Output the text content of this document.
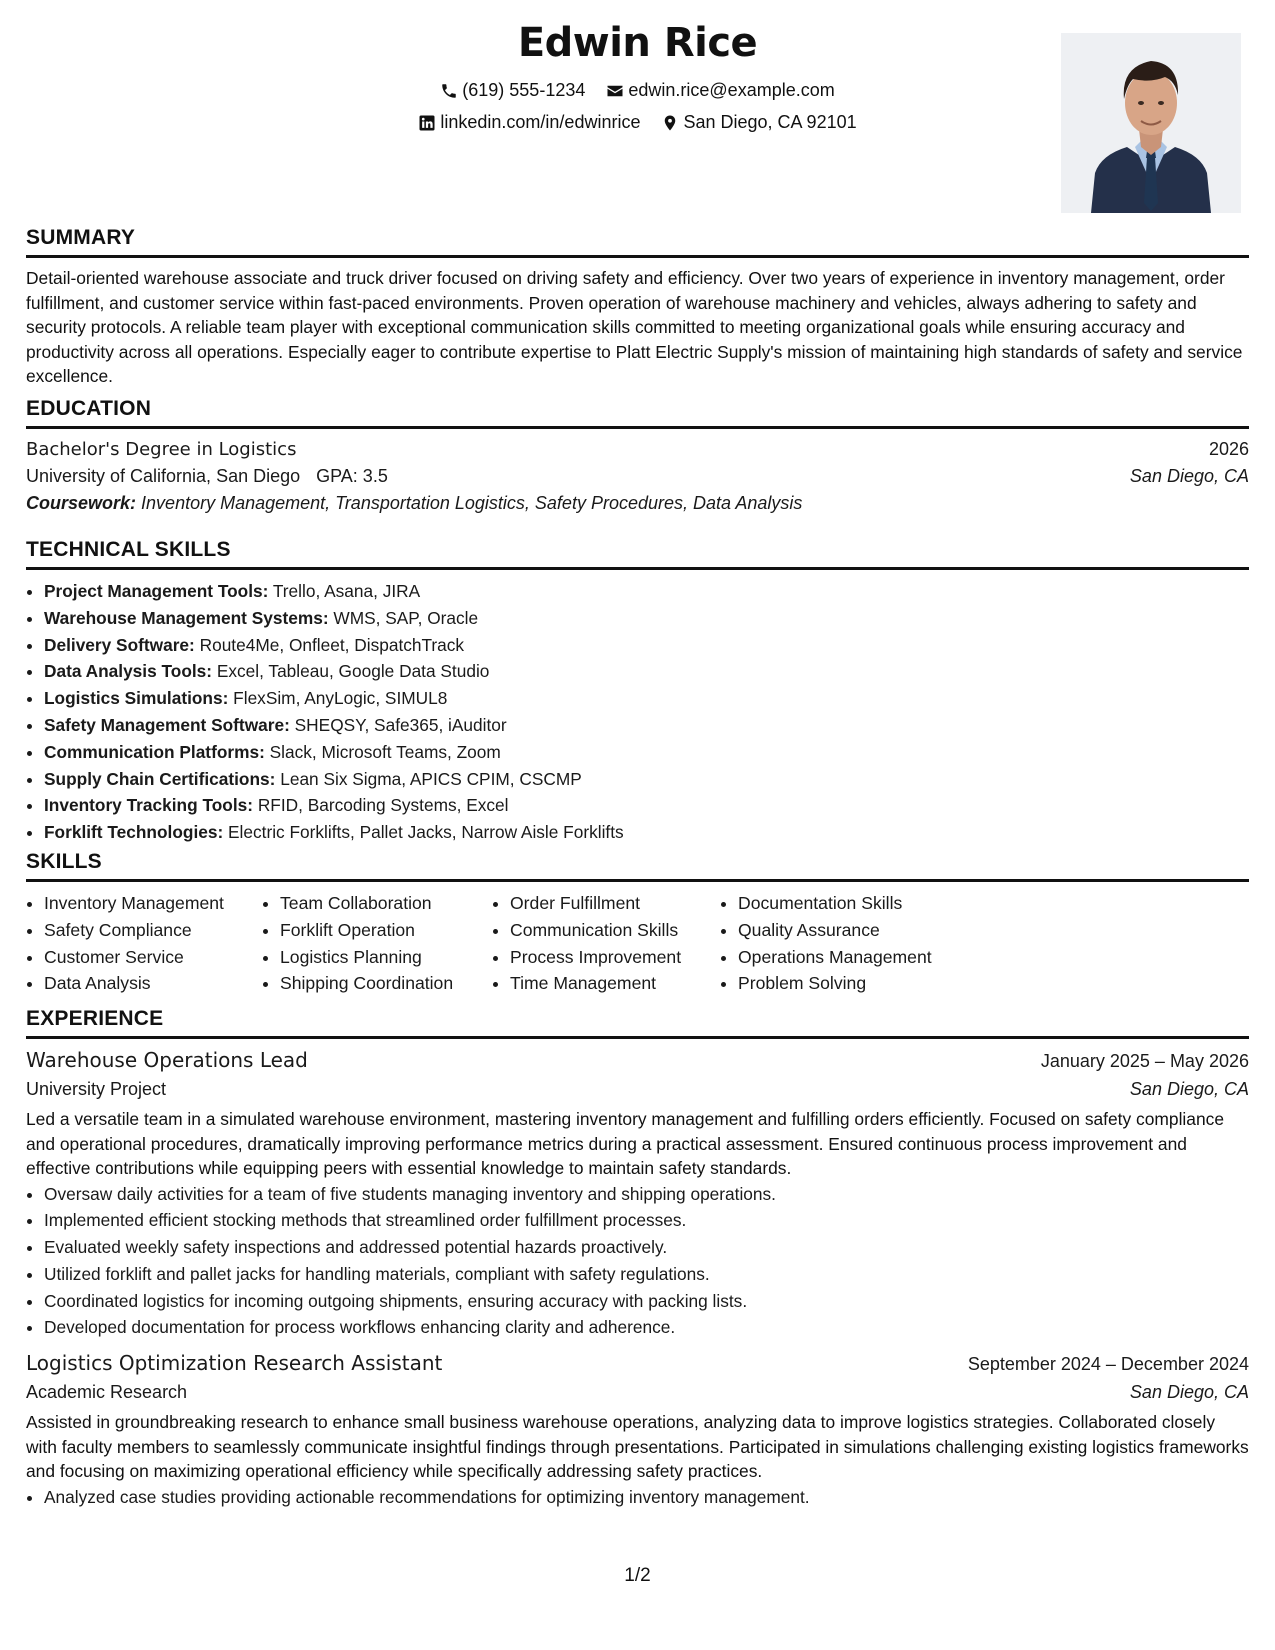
Edwin Rice
(619) 555-1234
edwin.rice@example.com
linkedin.com/in/edwinrice
San Diego, CA 92101
SUMMARY

Detail-oriented warehouse associate and truck driver focused on driving safety and efficiency. Over two years of experience in inventory management, order fulfillment, and customer service within fast-paced environments. Proven operation of warehouse machinery and vehicles, always adhering to safety and security protocols. A reliable team player with exceptional communication skills committed to meeting organizational goals while ensuring accuracy and productivity across all operations. Especially eager to contribute expertise to Platt Electric Supply's mission of maintaining high standards of safety and service excellence.

EDUCATION
Bachelor's Degree in Logistics	2026
University of California, San Diego GPA: 3.5	San Diego, CA
Coursework: Inventory Management, Transportation Logistics, Safety Procedures, Data Analysis
TECHNICAL SKILLS
• Project Management Tools: Trello, Asana, JIRA
• Warehouse Management Systems: WMS, SAP, Oracle
• Delivery Software: Route4Me, Onfleet, DispatchTrack
• Data Analysis Tools: Excel, Tableau, Google Data Studio
• Logistics Simulations: FlexSim, AnyLogic, SIMUL8
• Safety Management Software: SHEQSY, Safe365, iAuditor
• Communication Platforms: Slack, Microsoft Teams, Zoom
• Supply Chain Certifications: Lean Six Sigma, APICS CPIM, CSCMP
• Inventory Tracking Tools: RFID, Barcoding Systems, Excel
• Forklift Technologies: Electric Forklifts, Pallet Jacks, Narrow Aisle Forklifts
SKILLS
• Inventory Management
• Safety Compliance
• Customer Service
• Data Analysis
• Team Collaboration
• Forklift Operation
• Logistics Planning
• Shipping Coordination
• Order Fulfillment
• Communication Skills
• Process Improvement
• Time Management
• Documentation Skills
• Quality Assurance
• Operations Management
• Problem Solving
EXPERIENCE
Warehouse Operations Lead	January 2025 – May 2026
University Project	San Diego, CA

Led a versatile team in a simulated warehouse environment, mastering inventory management and fulfilling orders efficiently. Focused on safety compliance and operational procedures, dramatically improving performance metrics during a practical assessment. Ensured continuous process improvement and effective contributions while equipping peers with essential knowledge to maintain safety standards.

• Oversaw daily activities for a team of five students managing inventory and shipping operations.
• Implemented efficient stocking methods that streamlined order fulfillment processes.
• Evaluated weekly safety inspections and addressed potential hazards proactively.
• Utilized forklift and pallet jacks for handling materials, compliant with safety regulations.
• Coordinated logistics for incoming outgoing shipments, ensuring accuracy with packing lists.
• Developed documentation for process workflows enhancing clarity and adherence.
Logistics Optimization Research Assistant	September 2024 – December 2024
Academic Research	San Diego, CA

Assisted in groundbreaking research to enhance small business warehouse operations, analyzing data to improve logistics strategies. Collaborated closely with faculty members to seamlessly communicate insightful findings through presentations. Participated in simulations challenging existing logistics frameworks and focusing on maximizing operational efficiency while specifically addressing safety practices.

• Analyzed case studies providing actionable recommendations for optimizing inventory management.
1/2
